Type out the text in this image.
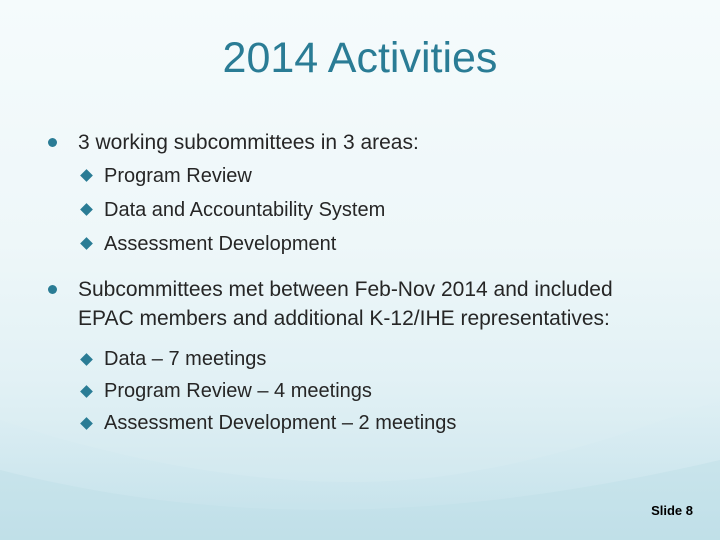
2014 Activities
3 working subcommittees in 3 areas:
Program Review
Data and Accountability System
Assessment Development
Subcommittees met between Feb-Nov 2014 and included EPAC members and additional K-12/IHE representatives:
Data – 7 meetings
Program Review – 4 meetings
Assessment Development – 2 meetings
Slide 8
